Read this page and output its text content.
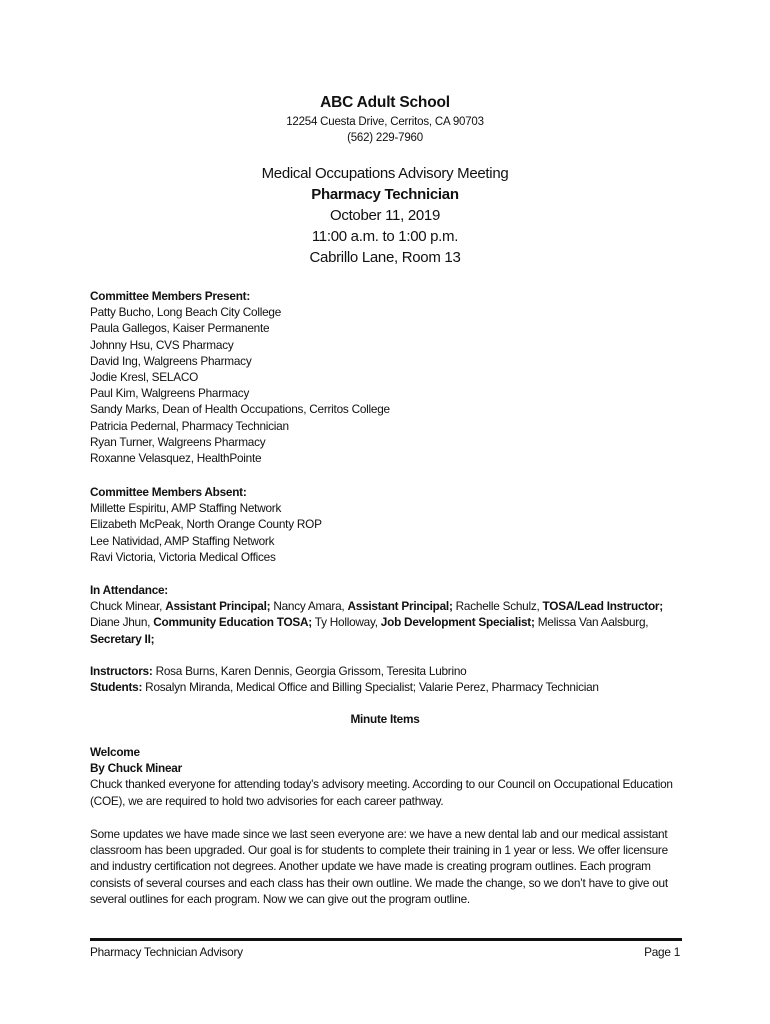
ABC Adult School
12254 Cuesta Drive, Cerritos, CA 90703
(562) 229-7960
Medical Occupations Advisory Meeting
Pharmacy Technician
October 11, 2019
11:00 a.m. to 1:00 p.m.
Cabrillo Lane, Room 13
Committee Members Present:
Patty Bucho, Long Beach City College
Paula Gallegos, Kaiser Permanente
Johnny Hsu, CVS Pharmacy
David Ing, Walgreens Pharmacy
Jodie Kresl, SELACO
Paul Kim, Walgreens Pharmacy
Sandy Marks, Dean of Health Occupations, Cerritos College
Patricia Pedernal, Pharmacy Technician
Ryan Turner, Walgreens Pharmacy
Roxanne Velasquez, HealthPointe
Committee Members Absent:
Millette Espiritu, AMP Staffing Network
Elizabeth McPeak, North Orange County ROP
Lee Natividad, AMP Staffing Network
Ravi Victoria, Victoria Medical Offices
In Attendance:
Chuck Minear, Assistant Principal; Nancy Amara, Assistant Principal; Rachelle Schulz, TOSA/Lead Instructor;
Diane Jhun, Community Education TOSA; Ty Holloway, Job Development Specialist; Melissa Van Aalsburg,
Secretary II;
Instructors: Rosa Burns, Karen Dennis, Georgia Grissom, Teresita Lubrino
Students: Rosalyn Miranda, Medical Office and Billing Specialist; Valarie Perez, Pharmacy Technician
Minute Items
Welcome
By Chuck Minear
Chuck thanked everyone for attending today’s advisory meeting. According to our Council on Occupational Education
(COE), we are required to hold two advisories for each career pathway.
Some updates we have made since we last seen everyone are: we have a new dental lab and our medical assistant
classroom has been upgraded. Our goal is for students to complete their training in 1 year or less. We offer licensure
and industry certification not degrees. Another update we have made is creating program outlines. Each program
consists of several courses and each class has their own outline. We made the change, so we don’t have to give out
several outlines for each program. Now we can give out the program outline.
Pharmacy Technician Advisory	Page 1
